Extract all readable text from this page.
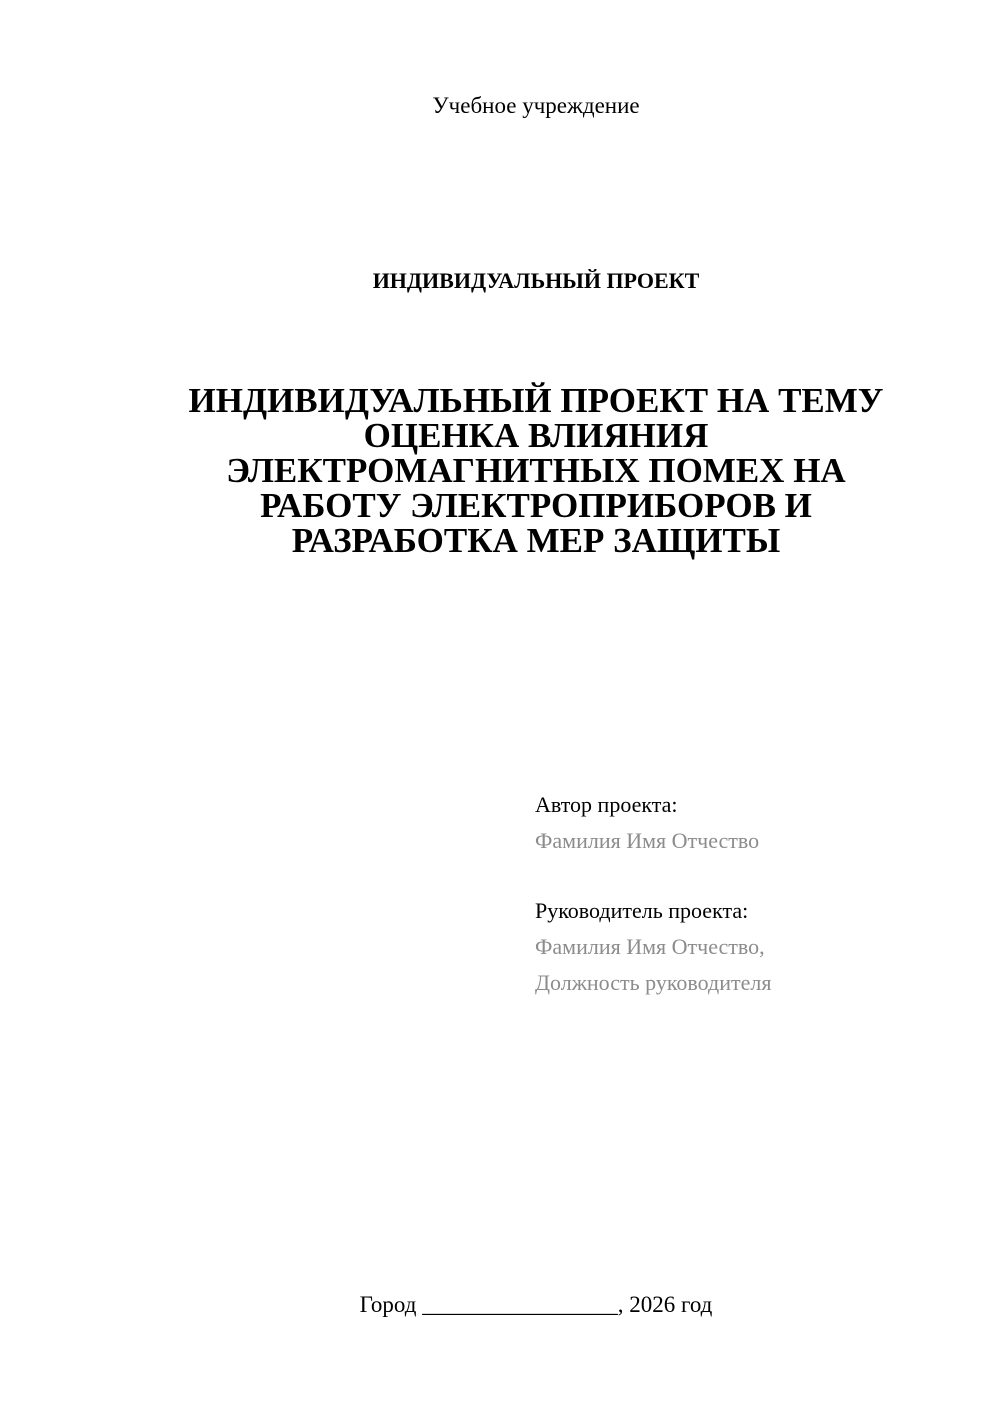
Учебное учреждение
ИНДИВИДУАЛЬНЫЙ ПРОЕКТ
ИНДИВИДУАЛЬНЫЙ ПРОЕКТ НА ТЕМУ
ОЦЕНКА ВЛИЯНИЯ
ЭЛЕКТРОМАГНИТНЫХ ПОМЕХ НА
РАБОТУ ЭЛЕКТРОПРИБОРОВ И
РАЗРАБОТКА МЕР ЗАЩИТЫ
Автор проекта:
Фамилия Имя Отчество
Руководитель проекта:
Фамилия Имя Отчество,
Должность руководителя
Город _________________, 2026 год
